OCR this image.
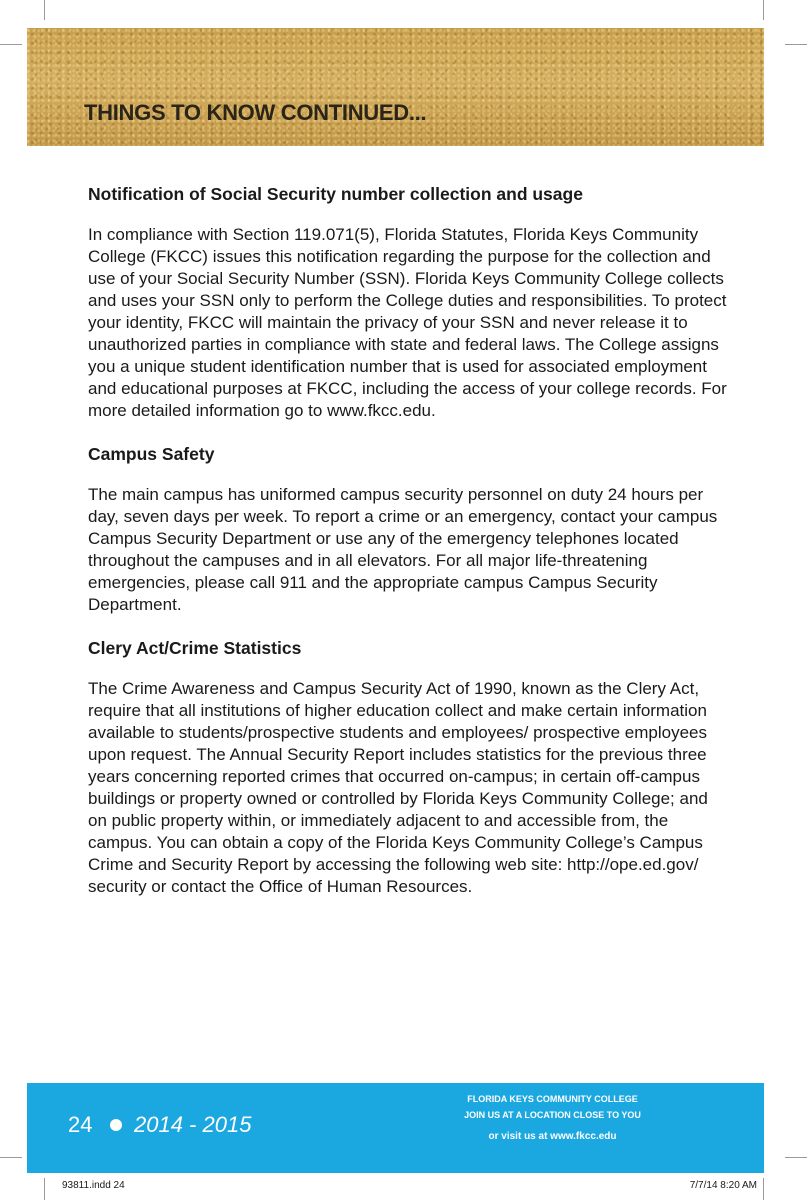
THINGS TO KNOW CONTINUED...
Notification of Social Security number collection and usage

In compliance with Section 119.071(5), Florida Statutes, Florida Keys Community College (FKCC) issues this notification regarding the purpose for the collection and use of your Social Security Number (SSN). Florida Keys Community College collects and uses your SSN only to perform the College duties and responsibilities. To protect your identity, FKCC will maintain the privacy of your SSN and never release it to unauthorized parties in compliance with state and federal laws. The College assigns you a unique student identification number that is used for associated employment and educational purposes at FKCC, including the access of your college records. For more detailed information go to www.fkcc.edu.

Campus Safety

The main campus has uniformed campus security personnel on duty 24 hours per day, seven days per week. To report a crime or an emergency, contact your campus Campus Security Department or use any of the emergency telephones located throughout the campuses and in all elevators. For all major life-threatening emergencies, please call 911 and the appropriate campus Campus Security Department.

Clery Act/Crime Statistics

The Crime Awareness and Campus Security Act of 1990, known as the Clery Act, require that all institutions of higher education collect and make certain information available to students/prospective students and employees/ prospective employees upon request. The Annual Security Report includes statistics for the previous three years concerning reported crimes that occurred on-campus; in certain off-campus buildings or property owned or controlled by Florida Keys Community College; and on public property within, or immediately adjacent to and accessible from, the campus. You can obtain a copy of the Florida Keys Community College’s Campus Crime and Security Report by accessing the following web site: http://ope.ed.gov/ security or contact the Office of Human Resources.

24 2014 - 2015
FLORIDA KEYS COMMUNITY COLLEGE
JOIN US AT A LOCATION CLOSE TO YOU
or visit us at www.fkcc.edu
93811.indd 24	7/7/14 8:20 AM
